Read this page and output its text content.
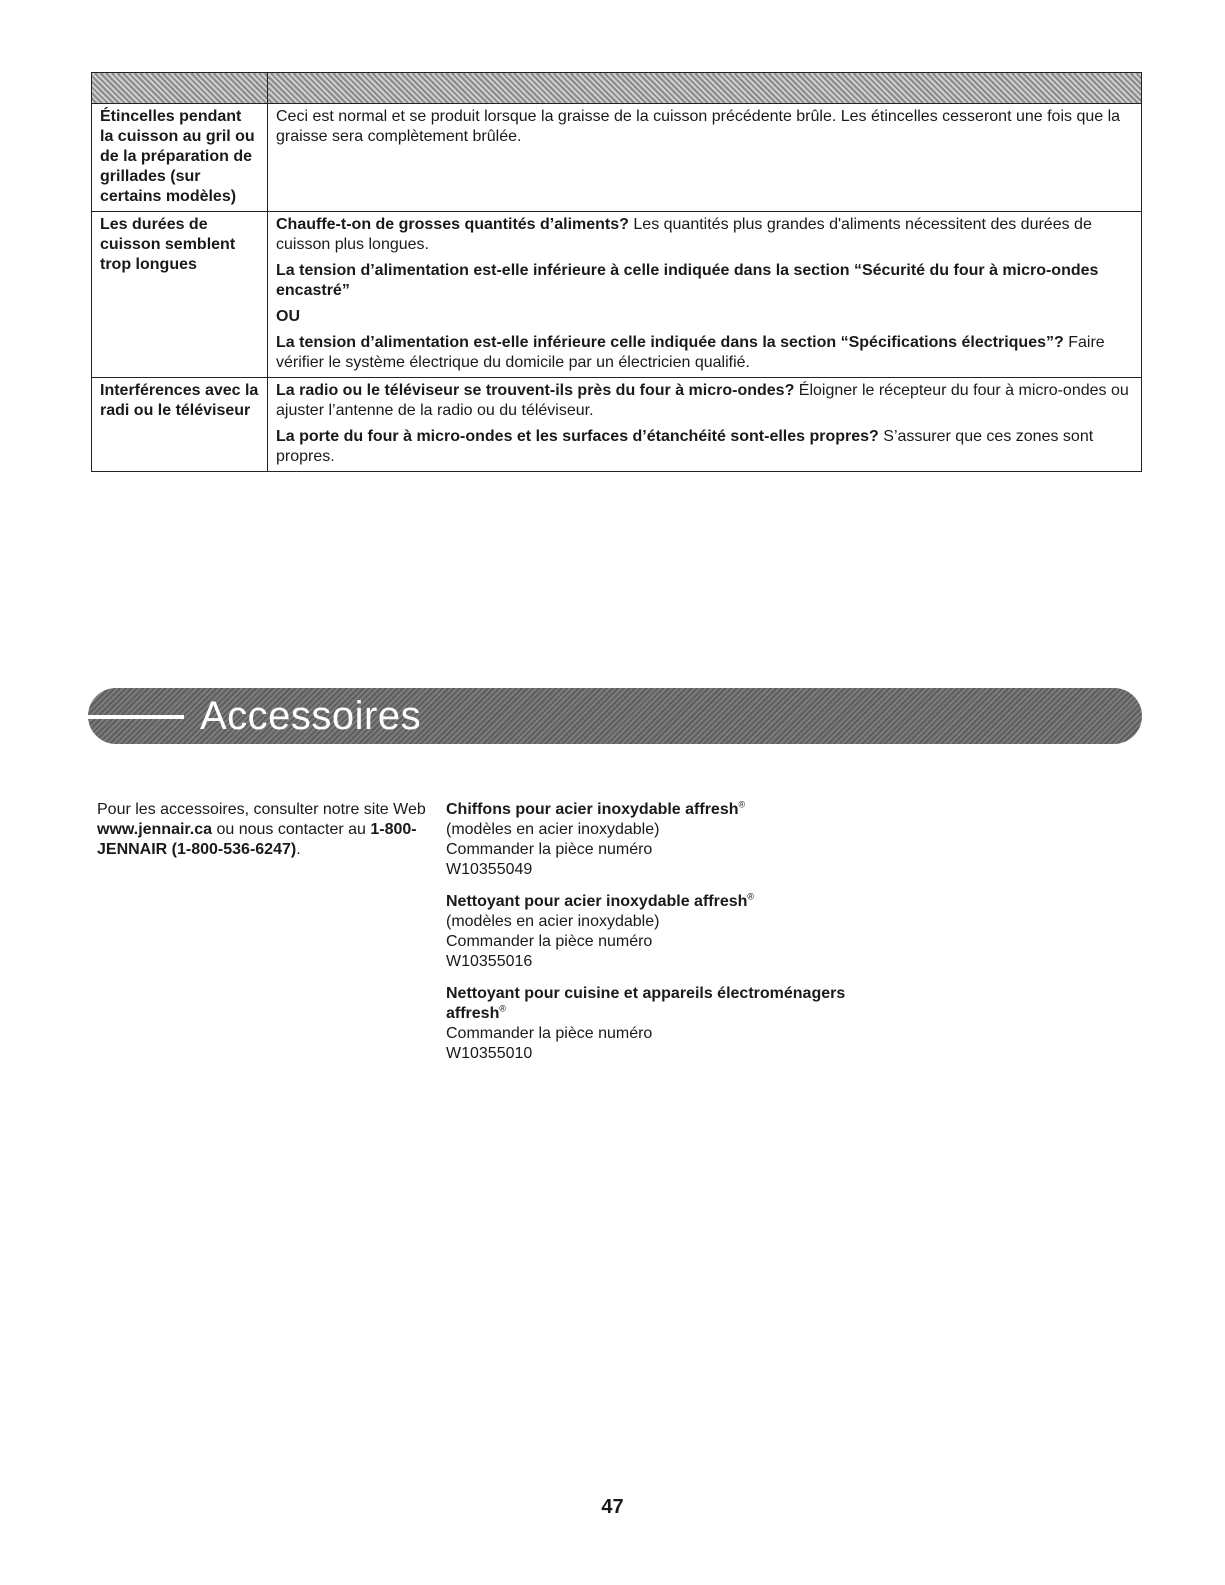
Étincelles pendant la cuisson au gril ou de la préparation de grillades (sur certains modèles)	Ceci est normal et se produit lorsque la graisse de la cuisson précédente brûle. Les étincelles cesseront une fois que la graisse sera complètement brûlée.

Les durées de cuisson semblent trop longues	Chauffe-t-on de grosses quantités d’aliments? Les quantités plus grandes d'aliments nécessitent des durées de cuisson plus longues.

La tension d’alimentation est-elle inférieure à celle indiquée dans la section “Sécurité du four à micro-ondes encastré”

OU

La tension d’alimentation est-elle inférieure celle indiquée dans la section “Spécifications électriques”? Faire vérifier le système électrique du domicile par un électricien qualifié.

Interférences avec la radi ou le téléviseur	La radio ou le téléviseur se trouvent-ils près du four à micro-ondes? Éloigner le récepteur du four à micro-ondes ou ajuster l’antenne de la radio ou du téléviseur.

La porte du four à micro-ondes et les surfaces d’étanchéité sont-elles propres? S’assurer que ces zones sont propres.

Accessoires
Pour les accessoires, consulter notre site Web www.jennair.ca ou nous contacter au 1-800-JENNAIR (1-800-536-6247).
Chiffons pour acier inoxydable affresh®
(modèles en acier inoxydable)
Commander la pièce numéro
W10355049
Nettoyant pour acier inoxydable affresh®
(modèles en acier inoxydable)
Commander la pièce numéro
W10355016
Nettoyant pour cuisine et appareils électroménagers affresh®
Commander la pièce numéro
W10355010
47
